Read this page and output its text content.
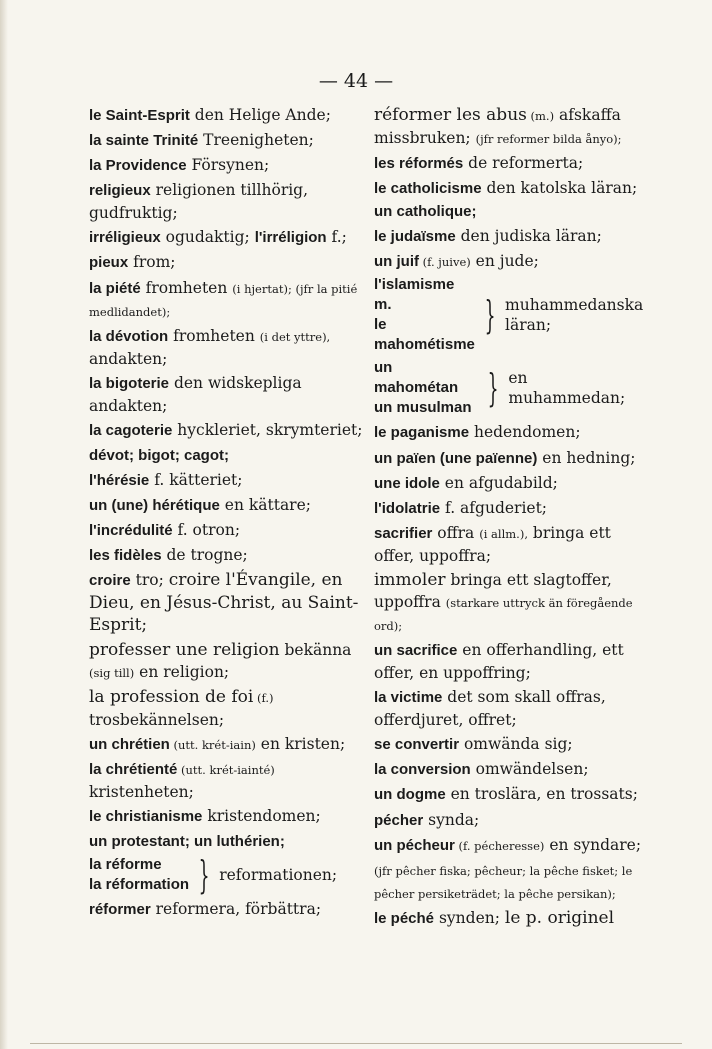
— 44 —
le Saint-Esprit den Helige Ande;
la sainte Trinité Treenigheten;
la Providence Försynen;
religieux religionen tillhörig, gudfruktig;
irréligieux ogudaktig; l'irréligion f.;
pieux from;
la piété fromheten (i hjertat); (jfr la pitié medlidandet);
la dévotion fromheten (i det yttre), andakten;
la bigoterie den widskepliga andakten;
la cagoterie hyckleriet, skrymteriet;
dévot; bigot; cagot;
l'hérésie f. kätteriet;
un (une) hérétique en kättare;
l'incrédulité f. otron;
les fidèles de trogne;
croire tro; croire l'Évangile, en Dieu, en Jésus-Christ, au Saint-Esprit;
professer une religion bekänna (sig till) en religion;
la profession de foi (f.) trosbekännelsen;
un chrétien (utt. krét-iain) en kristen;
la chrétienté (utt. krét-iainté) kristenheten;
le christianisme kristendomen;
un protestant; un luthérien;
la réforme
la réformation } reformationen;
réformer reformera, förbättra;
réformer les abus (m.) afskaffa missbruken; (jfr reformer bilda ånyo);
les réformés de reformerta;
le catholicisme den katolska läran; un catholique;
le judaïsme den judiska läran;
un juif (f. juive) en jude;
l'islamisme m.
le mahométisme
} muhammedanska läran;
un mahométan
un musulman } en muhammedan;
le paganisme hedendomen;
un païen (une païenne) en hedning;
une idole en afgudabild;
l'idolatrie f. afguderiet;
sacrifier offra (i allm.), bringa ett offer, uppoffra;
immoler bringa ett slagtoffer, uppoffra (starkare uttryck än föregående ord);
un sacrifice en offerhandling, ett offer, en uppoffring;
la victime det som skall offras, offerdjuret, offret;
se convertir omwända sig;
la conversion omwändelsen;
un dogme en troslära, en trossats;
pécher synda;
un pécheur (f. pécheresse) en syndare;
(jfr pêcher fiska; pêcheur; la pêche fisket; le pêcher persiketrädet; la pêche persikan);
le péché synden; le p. originel
